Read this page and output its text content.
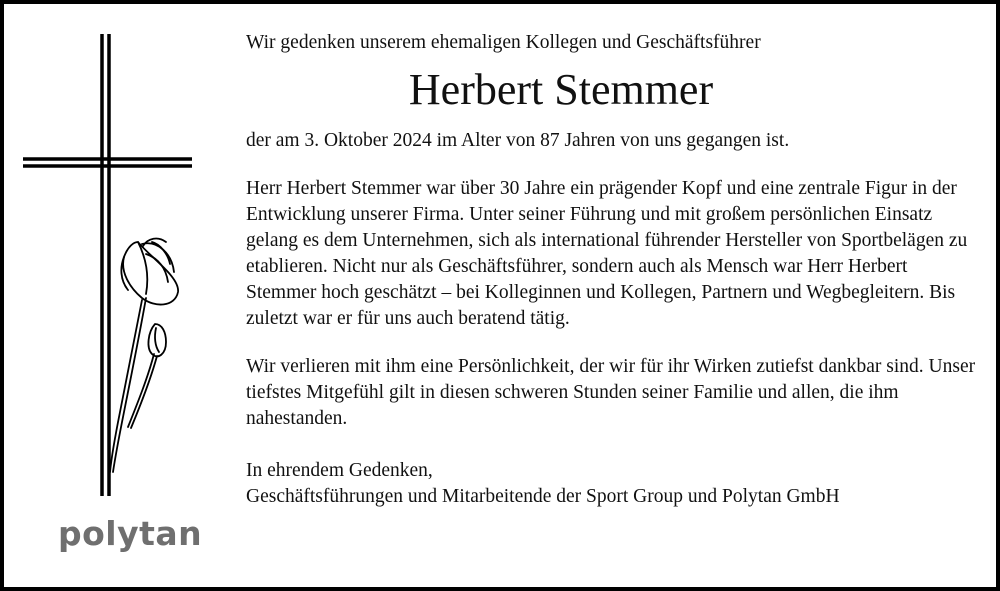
polytan

Wir gedenken unserem ehemaligen Kollegen und Geschäftsführer

Herbert Stemmer

der am 3. Oktober 2024 im Alter von 87 Jahren von uns gegangen ist.

Herr Herbert Stemmer war über 30 Jahre ein prägender Kopf und eine zentrale Figur in der Entwicklung unserer Firma. Unter seiner Führung und mit großem persönlichen Einsatz gelang es dem Unternehmen, sich als international führender Hersteller von Sportbelägen zu etablieren. Nicht nur als Geschäftsführer, sondern auch als Mensch war Herr Herbert Stemmer hoch geschätzt – bei Kolleginnen und Kollegen, Partnern und Wegbegleitern. Bis zuletzt war er für uns auch beratend tätig.

Wir verlieren mit ihm eine Persönlichkeit, der wir für ihr Wirken zutiefst dankbar sind. Unser tiefstes Mitgefühl gilt in diesen schweren Stunden seiner Familie und allen, die ihm nahestanden.

In ehrendem Gedenken,
Geschäftsführungen und Mitarbeitende der Sport Group und Polytan GmbH
